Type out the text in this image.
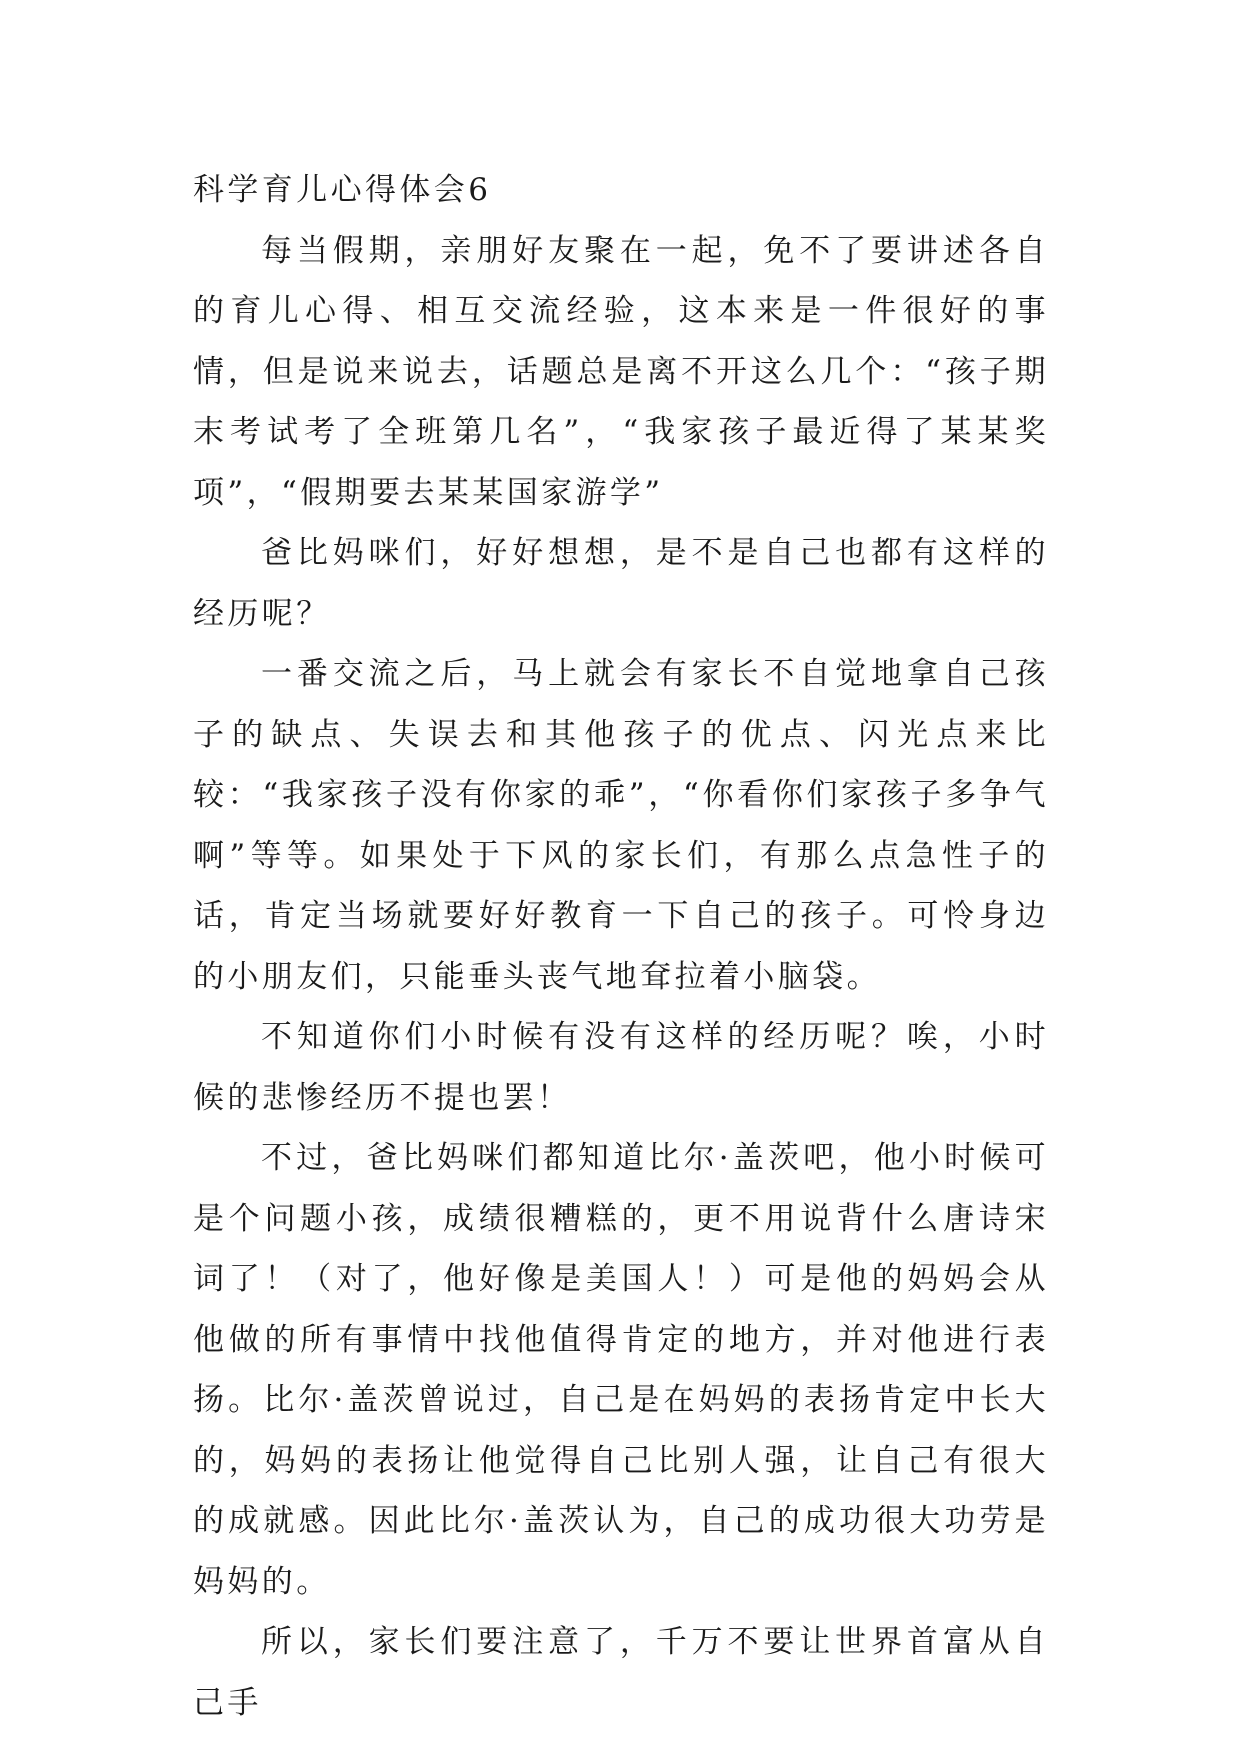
科学育儿心得体会6

每当假期，亲朋好友聚在一起，免不了要讲述各自的育儿心得、相互交流经验，这本来是一件很好的事情，但是说来说去，话题总是离不开这么几个：“孩子期末考试考了全班第几名”，“我家孩子最近得了某某奖项”，“假期要去某某国家游学”

爸比妈咪们，好好想想，是不是自己也都有这样的经历呢？

一番交流之后，马上就会有家长不自觉地拿自己孩子的缺点、失误去和其他孩子的优点、闪光点来比较：“我家孩子没有你家的乖”，“你看你们家孩子多争气啊”等等。如果处于下风的家长们，有那么点急性子的话，肯定当场就要好好教育一下自己的孩子。可怜身边的小朋友们，只能垂头丧气地耷拉着小脑袋。

不知道你们小时候有没有这样的经历呢？唉，小时候的悲惨经历不提也罢！

不过，爸比妈咪们都知道比尔·盖茨吧，他小时候可是个问题小孩，成绩很糟糕的，更不用说背什么唐诗宋词了！（对了，他好像是美国人！）可是他的妈妈会从他做的所有事情中找他值得肯定的地方，并对他进行表扬。比尔·盖茨曾说过，自己是在妈妈的表扬肯定中长大的，妈妈的表扬让他觉得自己比别人强，让自己有很大的成就感。因此比尔·盖茨认为，自己的成功很大功劳是妈妈的。

所以，家长们要注意了，千万不要让世界首富从自己手
